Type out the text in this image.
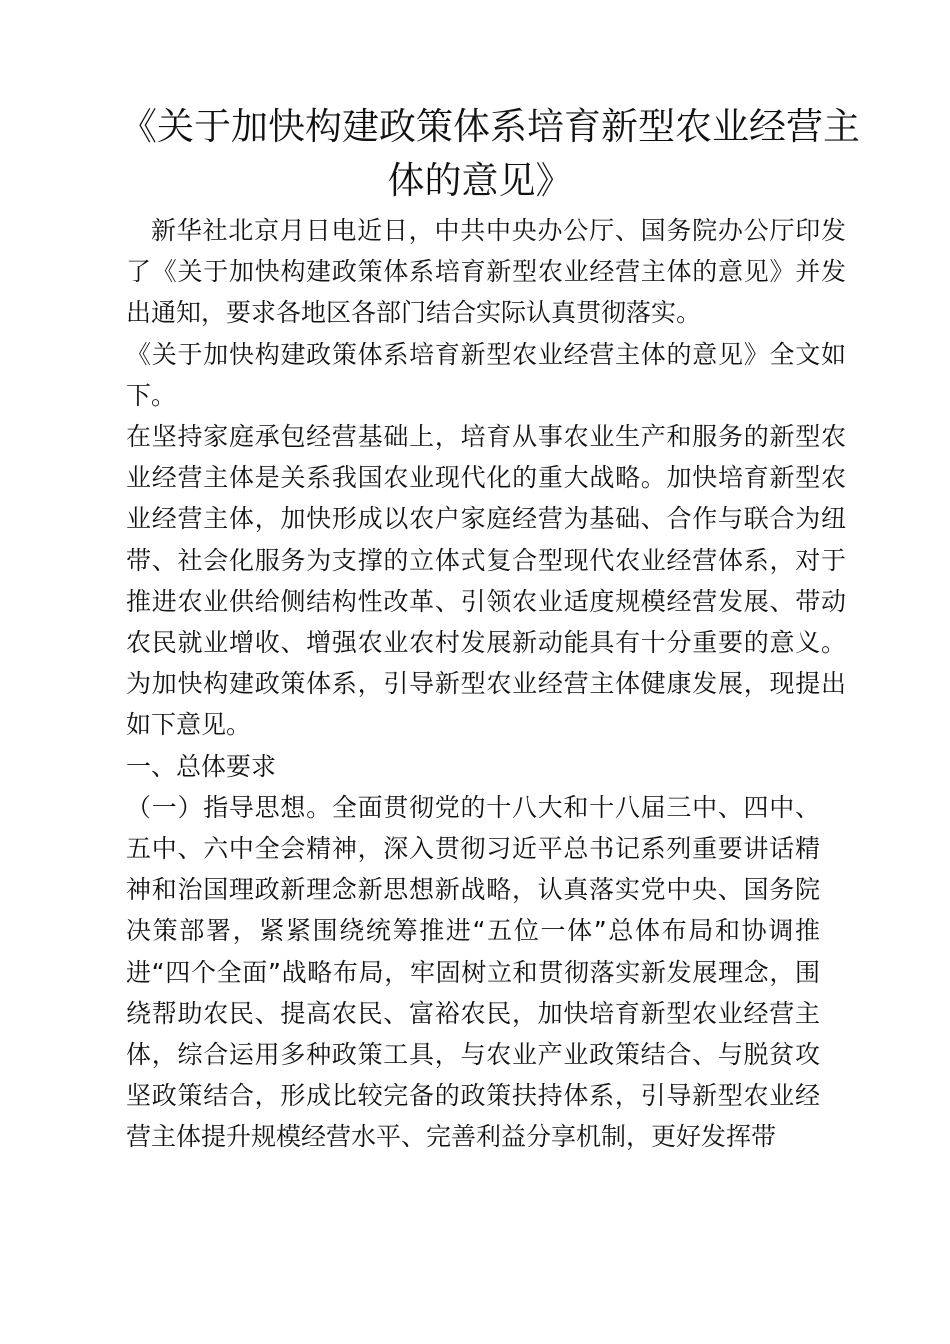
《关于加快构建政策体系培育新型农业经营主
体的意见》

新华社北京月日电近日，中共中央办公厅、国务院办公厅印发了《关于加快构建政策体系培育新型农业经营主体的意见》并发出通知，要求各地区各部门结合实际认真贯彻落实。

《关于加快构建政策体系培育新型农业经营主体的意见》全文如下。

在坚持家庭承包经营基础上，培育从事农业生产和服务的新型农业经营主体是关系我国农业现代化的重大战略。加快培育新型农业经营主体，加快形成以农户家庭经营为基础、合作与联合为纽带、社会化服务为支撑的立体式复合型现代农业经营体系，对于推进农业供给侧结构性改革、引领农业适度规模经营发展、带动农民就业增收、增强农业农村发展新动能具有十分重要的意义。为加快构建政策体系，引导新型农业经营主体健康发展，现提出如下意见。

一、总体要求

（一）指导思想。全面贯彻党的十八大和十八届三中、四中、五中、六中全会精神，深入贯彻习近平总书记系列重要讲话精神和治国理政新理念新思想新战略，认真落实党中央、国务院决策部署，紧紧围绕统筹推进“五位一体”总体布局和协调推进“四个全面”战略布局，牢固树立和贯彻落实新发展理念，围绕帮助农民、提高农民、富裕农民，加快培育新型农业经营主体，综合运用多种政策工具，与农业产业政策结合、与脱贫攻坚政策结合，形成比较完备的政策扶持体系，引导新型农业经营主体提升规模经营水平、完善利益分享机制，更好发挥带
